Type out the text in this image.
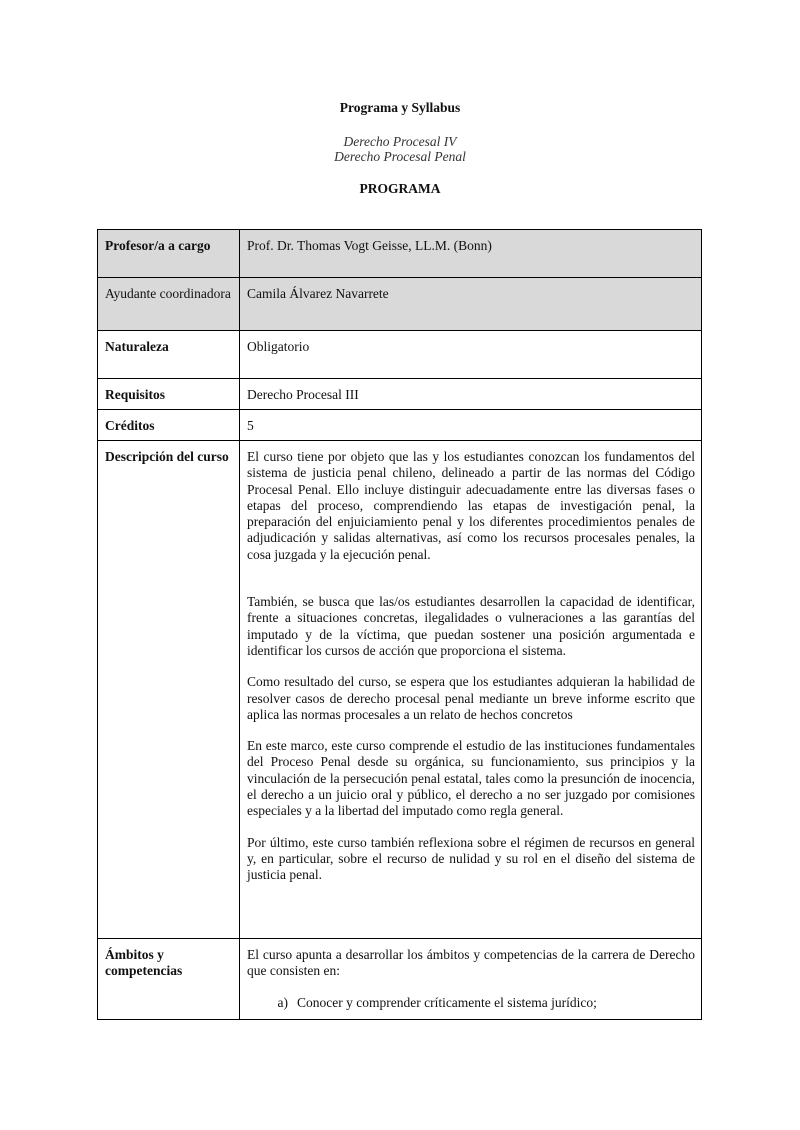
Programa y Syllabus
Derecho Procesal IV
Derecho Procesal Penal
PROGRAMA
Profesor/a a cargo	Prof. Dr. Thomas Vogt Geisse, LL.M. (Bonn)
Ayudante coordinadora	Camila Álvarez Navarrete
Naturaleza	Obligatorio
Requisitos	Derecho Procesal III
Créditos	5
Descripción del curso	El curso tiene por objeto que las y los estudiantes conozcan los fundamentos del sistema de justicia penal chileno, delineado a partir de las normas del Código Procesal Penal. Ello incluye distinguir adecuadamente entre las diversas fases o etapas del proceso, comprendiendo las etapas de investigación penal, la preparación del enjuiciamiento penal y los diferentes procedimientos penales de adjudicación y salidas alternativas, así como los recursos procesales penales, la cosa juzgada y la ejecución penal.

También, se busca que las/os estudiantes desarrollen la capacidad de identificar, frente a situaciones concretas, ilegalidades o vulneraciones a las garantías del imputado y de la víctima, que puedan sostener una posición argumentada e identificar los cursos de acción que proporciona el sistema.

Como resultado del curso, se espera que los estudiantes adquieran la habilidad de resolver casos de derecho procesal penal mediante un breve informe escrito que aplica las normas procesales a un relato de hechos concretos

En este marco, este curso comprende el estudio de las instituciones fundamentales del Proceso Penal desde su orgánica, su funcionamiento, sus principios y la vinculación de la persecución penal estatal, tales como la presunción de inocencia, el derecho a un juicio oral y público, el derecho a no ser juzgado por comisiones especiales y a la libertad del imputado como regla general.

Por último, este curso también reflexiona sobre el régimen de recursos en general y, en particular, sobre el recurso de nulidad y su rol en el diseño del sistema de justicia penal.

Ámbitos y competencias	El curso apunta a desarrollar los ámbitos y competencias de la carrera de Derecho que consisten en:

a) Conocer y comprender críticamente el sistema jurídico;
